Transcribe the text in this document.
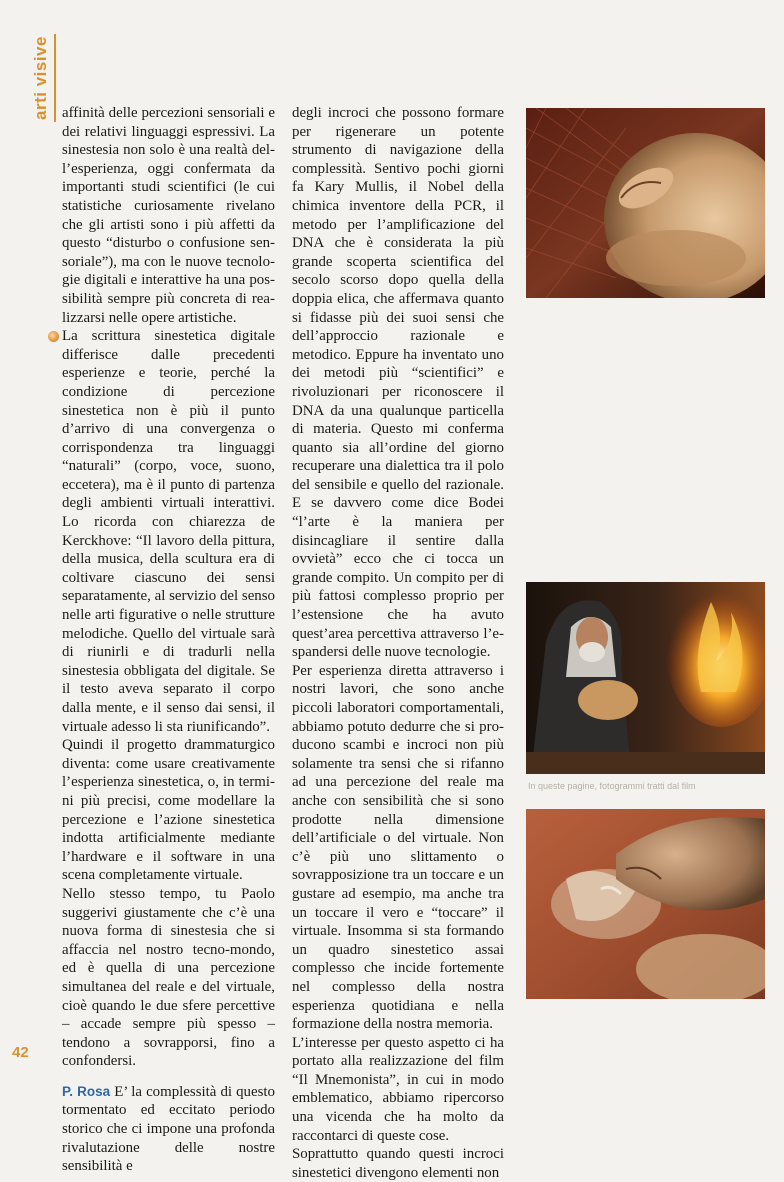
arti visive affinità delle percezioni sensoriali e dei relativi linguaggi espressivi. La sinestesia non solo è una realtà dell’esperienza, oggi confermata da importanti studi scientifici (le cui statistiche curiosamente rivelano che gli artisti sono i più affetti da questo “disturbo o confusione sensoriale”), ma con le nuove tecnologie digitali e interattive ha una possibilità sempre più concreta di realizzarsi nelle opere artistiche.

La scrittura sinestetica digitale differisce dalle precedenti esperienze e teorie, perché la condizione di percezione sinestetica non è più il punto d’arrivo di una convergenza o corrispondenza tra linguaggi “naturali” (corpo, voce, suono, eccetera), ma è il punto di partenza degli ambienti virtuali interattivi. Lo ricorda con chiarezza de Kerckhove: “Il lavoro della pittura, della musica, della scultura era di coltivare ciascuno dei sensi separatamente, al servizio del senso nelle arti figurative o nelle strutture melodiche. Quello del virtuale sarà di riunirli e di tradurli nella sinestesia obbligata del digitale. Se il testo aveva separato il corpo dalla mente, e il senso dai sensi, il virtuale adesso li sta riunificando”.

Quindi il progetto drammaturgico diventa: come usare creativamente l’esperienza sinestetica, o, in termini più precisi, come modellare la percezione e l’azione sinestetica indotta artificialmente mediante l’hardware e il software in una scena completamente virtuale.

Nello stesso tempo, tu Paolo suggerivi giustamente che c’è una nuova forma di sinestesia che si affaccia nel nostro tecno-mondo, ed è quella di una percezione simultanea del reale e del virtuale, cioè quando le due sfere percettive – accade sempre più spesso – tendono a sovrapporsi, fino a confondersi.

P. Rosa E’ la complessità di questo tormentato ed eccitato periodo storico che ci impone una profonda rivalutazione delle nostre sensibilità e

degli incroci che possono formare per rigenerare un potente strumento di navigazione della complessità. Sentivo pochi giorni fa Kary Mullis, il Nobel della chimica inventore della PCR, il metodo per l’amplificazione del DNA che è considerata la più grande scoperta scientifica del secolo scorso dopo quella della doppia elica, che affermava quanto si fidasse più dei suoi sensi che dell’approccio razionale e metodico. Eppure ha inventato uno dei metodi più “scientifici” e rivoluzionari per riconoscere il DNA da una qualunque particella di materia. Questo mi conferma quanto sia all’ordine del giorno recuperare una dialettica tra il polo del sensibile e quello del razionale. E se davvero come dice Bodei “l’arte è la maniera per disincagliare il sentire dalla ovvietà” ecco che ci tocca un grande compito. Un compito per di più fattosi complesso proprio per l’estensione che ha avuto quest’area percettiva attraverso l’espandersi delle nuove tecnologie.

Per esperienza diretta attraverso i nostri lavori, che sono anche piccoli laboratori comportamentali, abbiamo potuto dedurre che si producono scambi e incroci non più solamente tra sensi che si rifanno ad una percezione del reale ma anche con sensibilità che si sono prodotte nella dimensione dell’artificiale o del virtuale. Non c’è più uno slittamento o sovrapposizione tra un toccare e un gustare ad esempio, ma anche tra un toccare il vero e “toccare” il virtuale. Insomma si sta formando un quadro sinestetico assai complesso che incide fortemente nel complesso della nostra esperienza quotidiana e nella formazione della nostra memoria.

L’interesse per questo aspetto ci ha portato alla realizzazione del film “Il Mnemonista”, in cui in modo emblematico, abbiamo ripercorso una vicenda che ha molto da raccontarci di queste cose.

Soprattutto quando questi incroci sinestetici divengono elementi non

In queste pagine, fotogrammi tratti dal film
42
